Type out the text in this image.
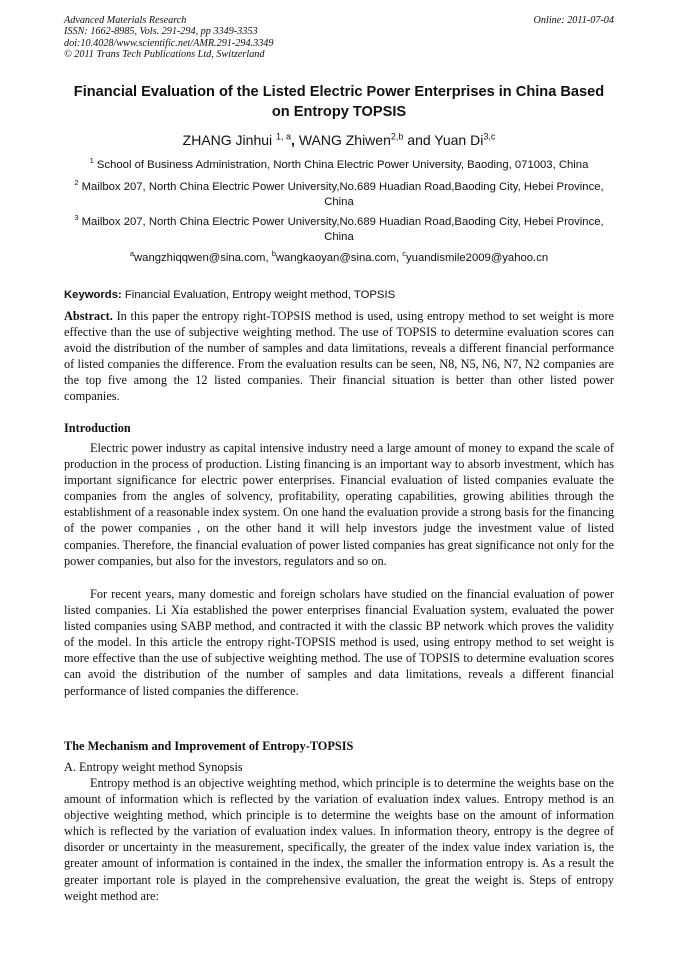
Advanced Materials Research
ISSN: 1662-8985, Vols. 291-294, pp 3349-3353
doi:10.4028/www.scientific.net/AMR.291-294.3349
© 2011 Trans Tech Publications Ltd, Switzerland
Online: 2011-07-04
Financial Evaluation of the Listed Electric Power Enterprises in China Based on Entropy TOPSIS
ZHANG Jinhui $^{1, a}$, WANG Zhiwen$^{2,b}$ and Yuan Di$^{3,c}$
$^1$ School of Business Administration, North China Electric Power University, Baoding, 071003, China
$^2$ Mailbox 207, North China Electric Power University,No.689 Huadian Road,Baoding City, Hebei Province, China
$^3$ Mailbox 207, North China Electric Power University,No.689 Huadian Road,Baoding City, Hebei Province, China
$^a$wangzhiqqwen@sina.com, $^b$wangkaoyan@sina.com, $^c$yuandismile2009@yahoo.cn
Keywords: Financial Evaluation, Entropy weight method, TOPSIS
Abstract. In this paper the entropy right-TOPSIS method is used, using entropy method to set weight is more effective than the use of subjective weighting method. The use of TOPSIS to determine evaluation scores can avoid the distribution of the number of samples and data limitations, reveals a different financial performance of listed companies the difference. From the evaluation results can be seen, N8, N5, N6, N7, N2 companies are the top five among the 12 listed companies. Their financial situation is better than other listed power companies.
Introduction
Electric power industry as capital intensive industry need a large amount of money to expand the scale of production in the process of production. Listing financing is an important way to absorb investment, which has important significance for electric power enterprises. Financial evaluation of listed companies evaluate the companies from the angles of solvency, profitability, operating capabilities, growing abilities through the establishment of a reasonable index system. On one hand the evaluation provide a strong basis for the financing of the power companies , on the other hand it will help investors judge the investment value of listed companies. Therefore, the financial evaluation of power listed companies has great significance not only for the power companies, but also for the investors, regulators and so on.
For recent years, many domestic and foreign scholars have studied on the financial evaluation of power listed companies. Li Xia established the power enterprises financial Evaluation system, evaluated the power listed companies using SABP method, and contracted it with the classic BP network which proves the validity of the model. In this article the entropy right-TOPSIS method is used, using entropy method to set weight is more effective than the use of subjective weighting method. The use of TOPSIS to determine evaluation scores can avoid the distribution of the number of samples and data limitations, reveals a different financial performance of listed companies the difference.
The Mechanism and Improvement of Entropy-TOPSIS
A. Entropy weight method Synopsis
Entropy method is an objective weighting method, which principle is to determine the weights base on the amount of information which is reflected by the variation of evaluation index values. Entropy method is an objective weighting method, which principle is to determine the weights base on the amount of information which is reflected by the variation of evaluation index values. In information theory, entropy is the degree of disorder or uncertainty in the measurement, specifically, the greater of the index value index variation is, the greater amount of information is contained in the index, the smaller the information entropy is. As a result the greater important role is played in the comprehensive evaluation, the great the weight is. Steps of entropy weight method are:
